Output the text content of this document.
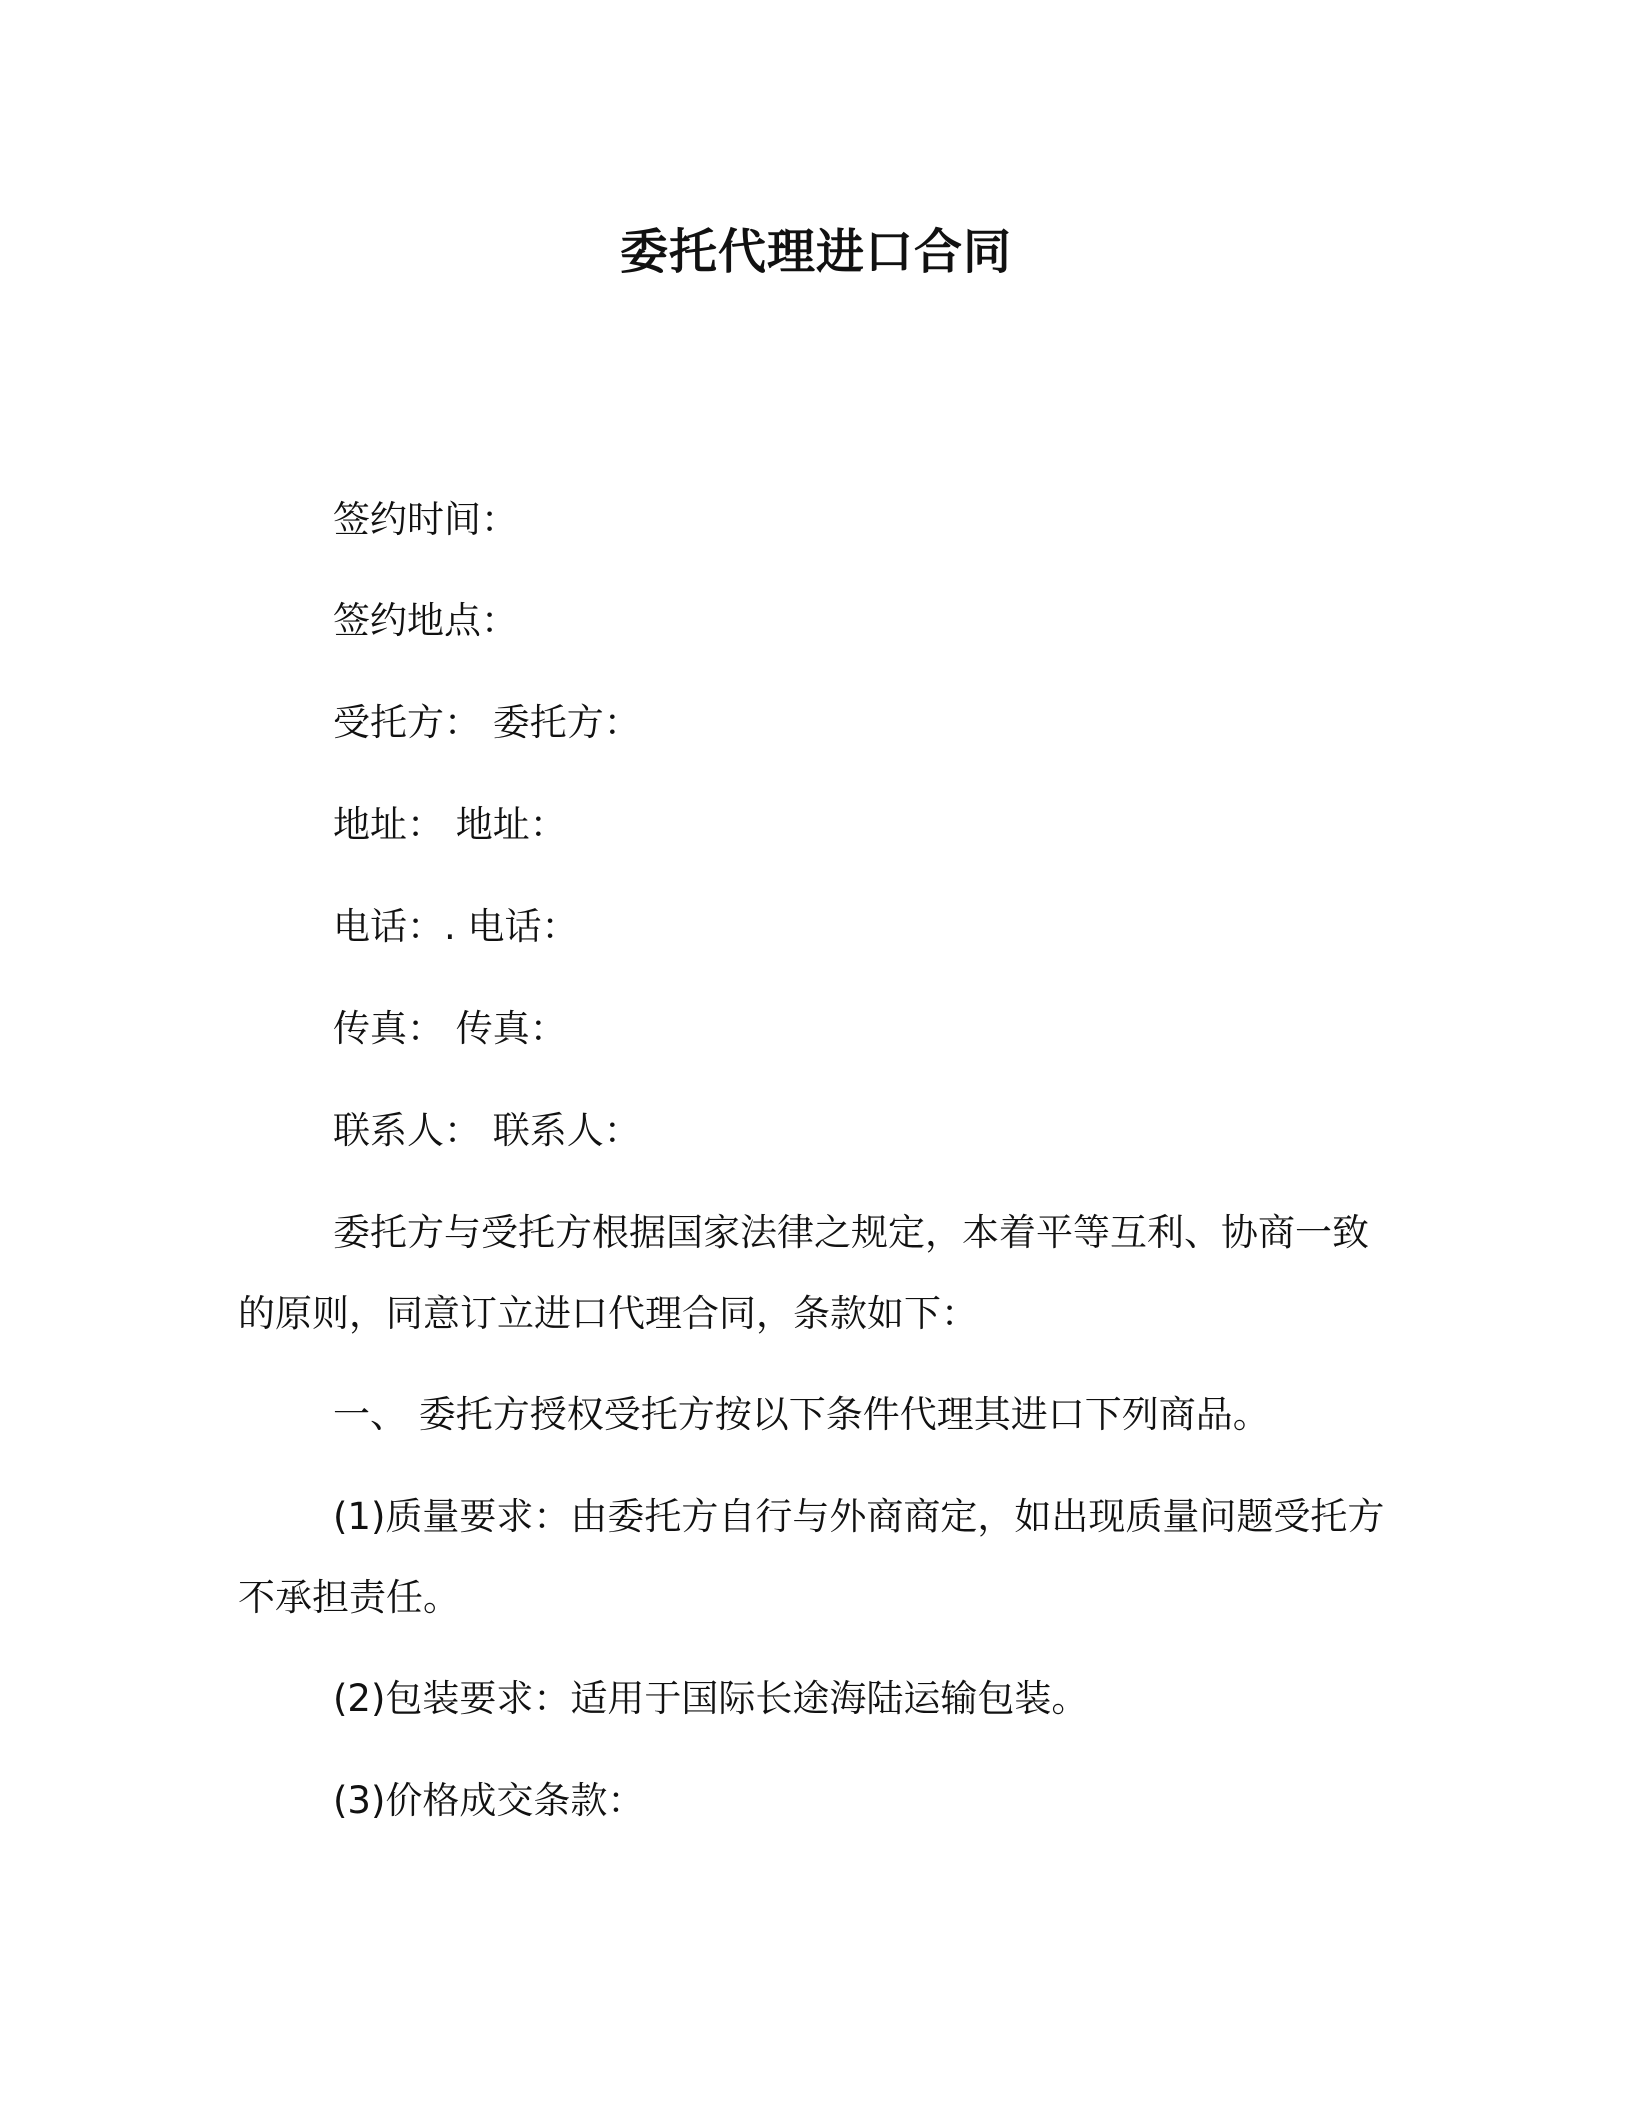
委托代理进口合同
签约时间：
签约地点：
受托方： 委托方：
地址： 地址：
电话：. 电话：
传真： 传真：
联系人： 联系人：

委托方与受托方根据国家法律之规定，本着平等互利、协商一致
的原则，同意订立进口代理合同，条款如下：

一、 委托方授权受托方按以下条件代理其进口下列商品。

(1)质量要求：由委托方自行与外商商定，如出现质量问题受托方
不承担责任。

(2)包装要求：适用于国际长途海陆运输包装。
(3)价格成交条款：
